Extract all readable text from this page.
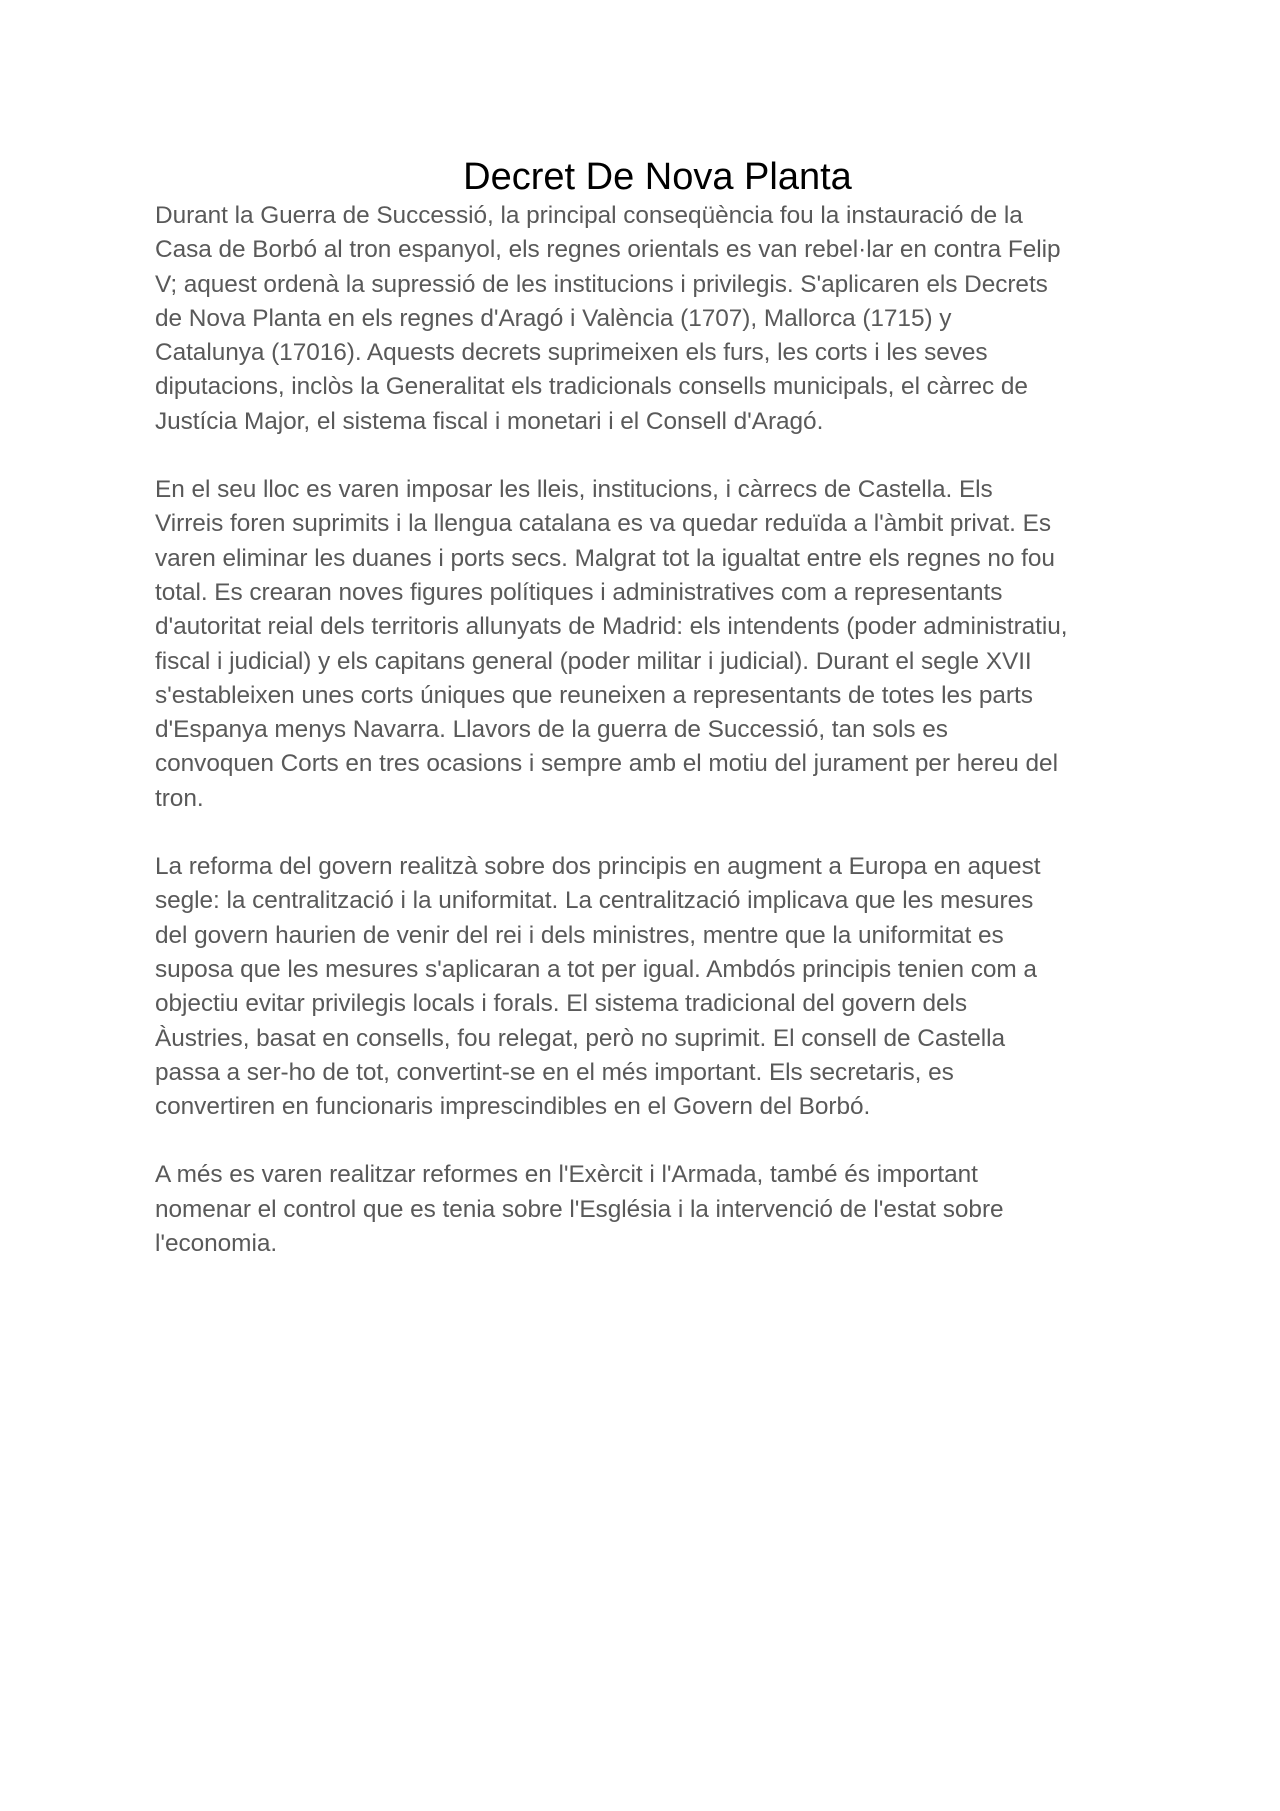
Decret De Nova Planta
Durant la Guerra de Successió, la principal conseqüència fou la instauració de la
Casa de Borbó al tron espanyol, els regnes orientals es van rebel·lar en contra Felip
V; aquest ordenà la supressió de les institucions i privilegis. S'aplicaren els Decrets
de Nova Planta en els regnes d'Aragó i València (1707), Mallorca (1715) y
Catalunya (17016). Aquests decrets suprimeixen els furs, les corts i les seves
diputacions, inclòs la Generalitat els tradicionals consells municipals, el càrrec de
Justícia Major, el sistema fiscal i monetari i el Consell d'Aragó.
En el seu lloc es varen imposar les lleis, institucions, i càrrecs de Castella. Els
Virreis foren suprimits i la llengua catalana es va quedar reduïda a l'àmbit privat. Es
varen eliminar les duanes i ports secs. Malgrat tot la igualtat entre els regnes no fou
total. Es crearan noves figures polítiques i administratives com a representants
d'autoritat reial dels territoris allunyats de Madrid: els intendents (poder administratiu,
fiscal i judicial) y els capitans general (poder militar i judicial). Durant el segle XVII
s'estableixen unes corts úniques que reuneixen a representants de totes les parts
d'Espanya menys Navarra. Llavors de la guerra de Successió, tan sols es
convoquen Corts en tres ocasions i sempre amb el motiu del jurament per hereu del
tron.
La reforma del govern realitzà sobre dos principis en augment a Europa en aquest
segle: la centralització i la uniformitat. La centralització implicava que les mesures
del govern haurien de venir del rei i dels ministres, mentre que la uniformitat es
suposa que les mesures s'aplicaran a tot per igual. Ambdós principis tenien com a
objectiu evitar privilegis locals i forals. El sistema tradicional del govern dels
Àustries, basat en consells, fou relegat, però no suprimit. El consell de Castella
passa a ser-ho de tot, convertint-se en el més important. Els secretaris, es
convertiren en funcionaris imprescindibles en el Govern del Borbó.
A més es varen realitzar reformes en l'Exèrcit i l'Armada, també és important
nomenar el control que es tenia sobre l'Església i la intervenció de l'estat sobre
l'economia.
